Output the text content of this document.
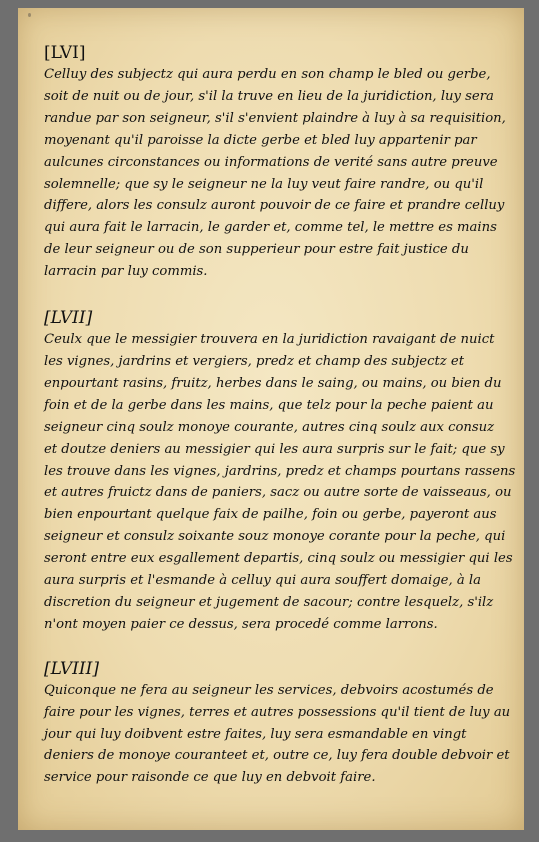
[LVI]

Celluy des subjectz qui aura perdu en son champ le bled ou gerbe,
soit de nuit ou de jour, s'il la truve en lieu de la juridiction, luy sera
randue par son seigneur, s'il s'envient plaindre à luy à sa requisition,
moyenant qu'il paroisse la dicte gerbe et bled luy appartenir par
aulcunes circonstances ou informations de verité sans autre preuve
solemnelle; que sy le seigneur ne la luy veut faire randre, ou qu'il
differe, alors les consulz auront pouvoir de ce faire et prandre celluy
qui aura fait le larracin, le garder et, comme tel, le mettre es mains
de leur seigneur ou de son supperieur pour estre fait justice du
larracin par luy commis.

[LVII]

Ceulx que le messigier trouvera en la juridiction ravaigant de nuict
les vignes, jardrins et vergiers, predz et champ des subjectz et
enpourtant rasins, fruitz, herbes dans le saing, ou mains, ou bien du
foin et de la gerbe dans les mains, que telz pour la peche paient au
seigneur cinq soulz monoye courante, autres cinq soulz aux consuz
et doutze deniers au messigier qui les aura surpris sur le fait; que sy
les trouve dans les vignes, jardrins, predz et champs pourtans rassens
et autres fruictz dans de paniers, sacz ou autre sorte de vaisseaus, ou
bien enpourtant quelque faix de pailhe, foin ou gerbe, payeront aus
seigneur et consulz soixante souz monoye corante pour la peche, qui
seront entre eux esgallement departis, cinq soulz ou messigier qui les
aura surpris et l'esmande à celluy qui aura souffert domaige, à la
discretion du seigneur et jugement de sacour; contre lesquelz, s'ilz
n'ont moyen paier ce dessus, sera procedé comme larrons.

[LVIII]

Quiconque ne fera au seigneur les services, debvoirs acostumés de
faire pour les vignes, terres et autres possessions qu'il tient de luy au
jour qui luy doibvent estre faites, luy sera esmandable en vingt
deniers de monoye couranteet et, outre ce, luy fera double debvoir et
service pour raisonde ce que luy en debvoit faire.
